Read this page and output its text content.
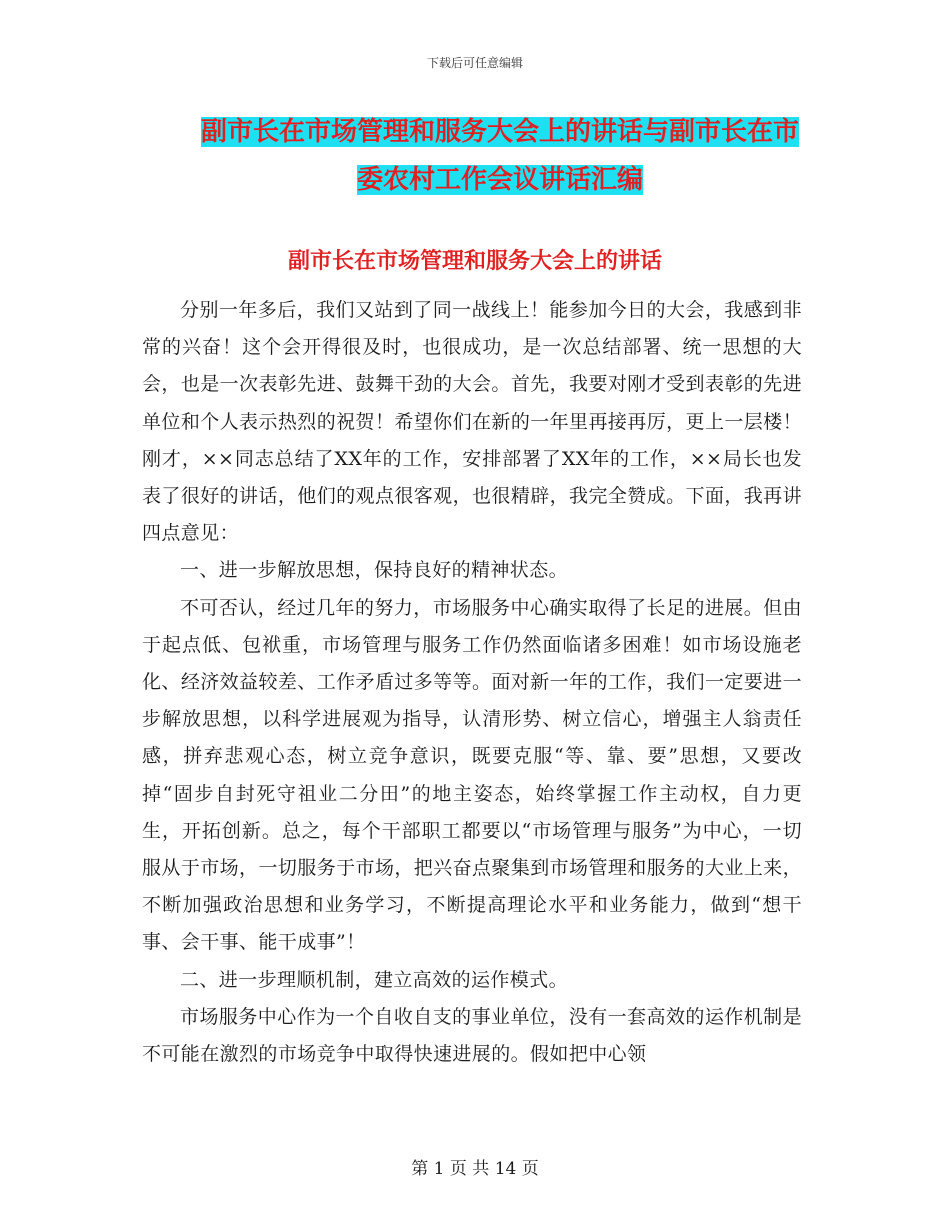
下载后可任意编辑
副市长在市场管理和服务大会上的讲话与副市长在市
委农村工作会议讲话汇编
副市长在市场管理和服务大会上的讲话

分别一年多后，我们又站到了同一战线上！能参加今日的大会，我感到非常的兴奋！这个会开得很及时，也很成功，是一次总结部署、统一思想的大会，也是一次表彰先进、鼓舞干劲的大会。首先，我要对刚才受到表彰的先进单位和个人表示热烈的祝贺！希望你们在新的一年里再接再厉，更上一层楼！刚才，××同志总结了XX年的工作，安排部署了XX年的工作，××局长也发表了很好的讲话，他们的观点很客观，也很精辟，我完全赞成。下面，我再讲四点意见：

一、进一步解放思想，保持良好的精神状态。

不可否认，经过几年的努力，市场服务中心确实取得了长足的进展。但由于起点低、包袱重，市场管理与服务工作仍然面临诸多困难！如市场设施老化、经济效益较差、工作矛盾过多等等。面对新一年的工作，我们一定要进一步解放思想，以科学进展观为指导，认清形势、树立信心，增强主人翁责任感，拼弃悲观心态，树立竞争意识，既要克服“等、靠、要”思想，又要改掉“固步自封死守祖业二分田”的地主姿态，始终掌握工作主动权，自力更生，开拓创新。总之，每个干部职工都要以“市场管理与服务”为中心，一切服从于市场，一切服务于市场，把兴奋点聚集到市场管理和服务的大业上来，不断加强政治思想和业务学习，不断提高理论水平和业务能力，做到“想干事、会干事、能干成事”！

二、进一步理顺机制，建立高效的运作模式。

市场服务中心作为一个自收自支的事业单位，没有一套高效的运作机制是不可能在激烈的市场竞争中取得快速进展的。假如把中心领

第 1 页 共 14 页
